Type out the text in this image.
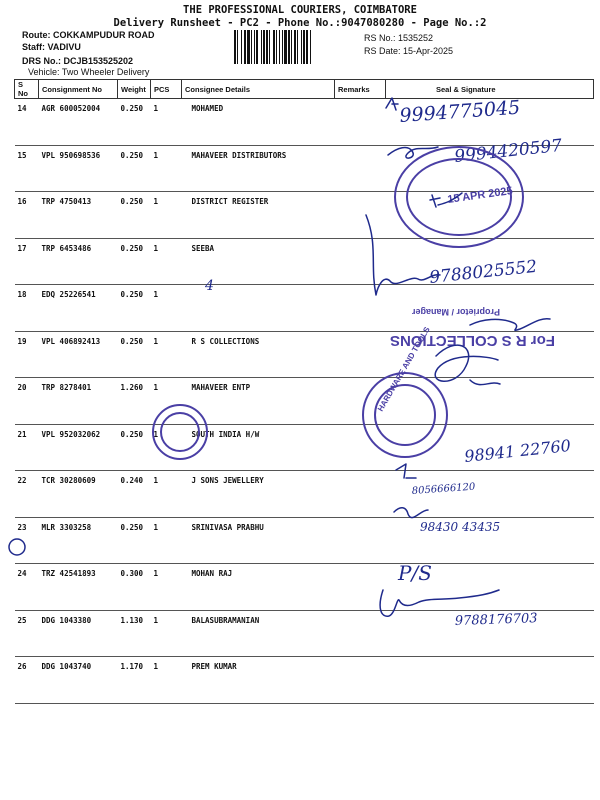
THE PROFESSIONAL COURIERS, COIMBATORE
Delivery Runsheet - PC2 - Phone No.:9047080280 - Page No.:2
Route: COKKAMPUDUR ROAD
Staff: VADIVU
DRS No.: DCJB153525202
Vehicle: Two Wheeler Delivery
RS No.: 1535252
RS Date: 15-Apr-2025
S No	Consignment No	Weight	PCS	Consignee Details	Remarks	Seal & Signature
14	AGR 600052004	0.250	1	MOHAMED		
15	VPL 950698536	0.250	1	MAHAVEER DISTRIBUTORS		
16	TRP 4750413	0.250	1	DISTRICT REGISTER		
17	TRP 6453486	0.250	1	SEEBA		
18	EDQ 25226541	0.250	1			
19	VPL 406892413	0.250	1	R S COLLECTIONS		
20	TRP 8278401	1.260	1	MAHAVEER ENTP		
21	VPL 952032062	0.250	1	SOUTH INDIA H/W		
22	TCR 30280609	0.240	1	J SONS JEWELLERY		
23	MLR 3303258	0.250	1	SRINIVASA PRABHU		
24	TRZ 42541893	0.300	1	MOHAN RAJ		
25	DDG 1043380	1.130	1	BALASUBRAMANIAN		
26	DDG 1043740	1.170	1	PREM KUMAR		
9994775045
9994420597
15 APR 2025
4	9788025552
Proprietor / Manager
For R S COLLECTIONS
HARDWARE AND TOOLS
98941 22760
8056666120
98430 43435
P/S
9788176703
